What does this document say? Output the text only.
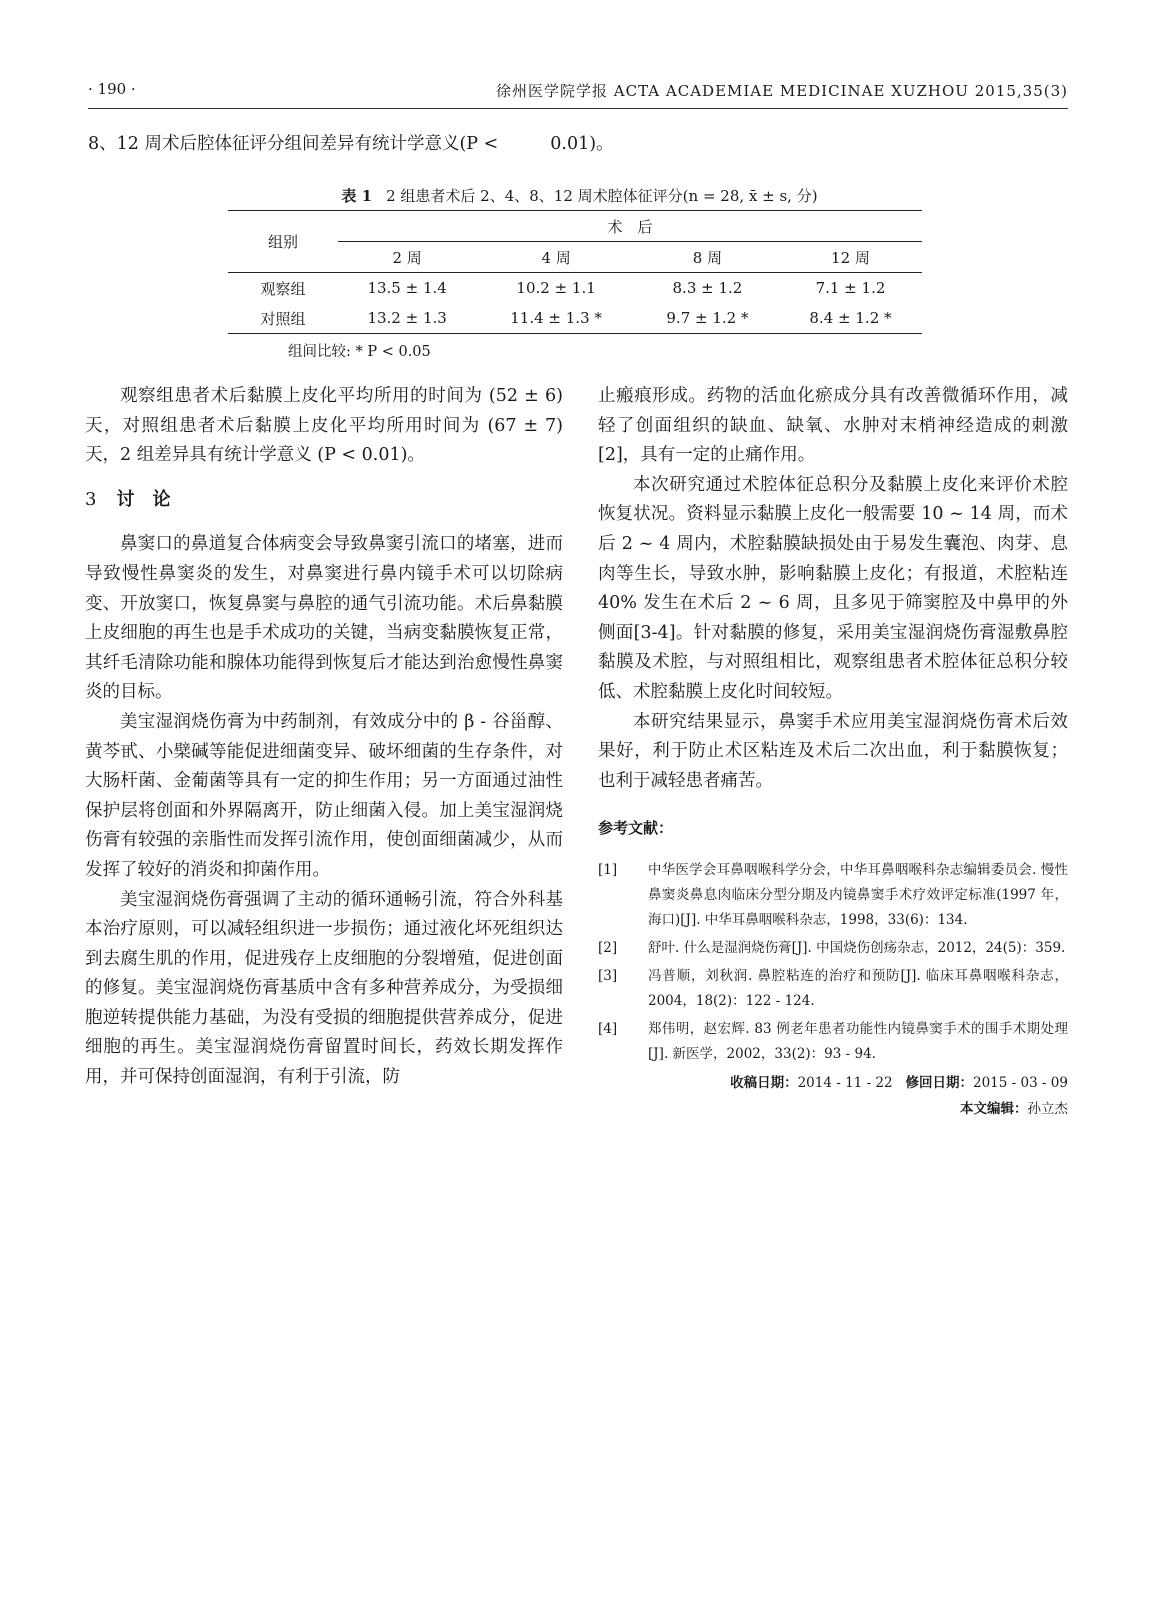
· 190 ·	徐州医学院学报 ACTA ACADEMIAE MEDICINAE XUZHOU 2015,35(3)
8、12 周术后腔体征评分组间差异有统计学意义(P <	0.01)。
表 1 2 组患者术后 2、4、8、12 周术腔体征评分(n = 28, x̄ ± s, 分)
组别	术　后			
	2 周	4 周	8 周	12 周
观察组	13.5 ± 1.4	10.2 ± 1.1	8.3 ± 1.2	7.1 ± 1.2
对照组	13.2 ± 1.3	11.4 ± 1.3 *	9.7 ± 1.2 *	8.4 ± 1.2 *
组间比较: * P < 0.05

观察组患者术后黏膜上皮化平均所用的时间为 (52 ± 6) 天，对照组患者术后黏膜上皮化平均所用时间为 (67 ± 7) 天，2 组差异具有统计学意义 (P < 0.01)。

3 讨　论

鼻窦口的鼻道复合体病变会导致鼻窦引流口的堵塞，进而导致慢性鼻窦炎的发生，对鼻窦进行鼻内镜手术可以切除病变、开放窦口，恢复鼻窦与鼻腔的通气引流功能。术后鼻黏膜上皮细胞的再生也是手术成功的关键，当病变黏膜恢复正常，其纤毛清除功能和腺体功能得到恢复后才能达到治愈慢性鼻窦炎的目标。

美宝湿润烧伤膏为中药制剂，有效成分中的 β - 谷甾醇、黄芩甙、小檗碱等能促进细菌变异、破坏细菌的生存条件，对大肠杆菌、金葡菌等具有一定的抑生作用；另一方面通过油性保护层将创面和外界隔离开，防止细菌入侵。加上美宝湿润烧伤膏有较强的亲脂性而发挥引流作用，使创面细菌减少，从而发挥了较好的消炎和抑菌作用。

美宝湿润烧伤膏强调了主动的循环通畅引流，符合外科基本治疗原则，可以减轻组织进一步损伤；通过液化坏死组织达到去腐生肌的作用，促进残存上皮细胞的分裂增殖，促进创面的修复。美宝湿润烧伤膏基质中含有多种营养成分，为受损细胞逆转提供能力基础，为没有受损的细胞提供营养成分，促进细胞的再生。美宝湿润烧伤膏留置时间长，药效长期发挥作用，并可保持创面湿润，有利于引流，防

止瘢痕形成。药物的活血化瘀成分具有改善微循环作用，减轻了创面组织的缺血、缺氧、水肿对末梢神经造成的刺激[2]，具有一定的止痛作用。

本次研究通过术腔体征总积分及黏膜上皮化来评价术腔恢复状况。资料显示黏膜上皮化一般需要 10 ~ 14 周，而术后 2 ~ 4 周内，术腔黏膜缺损处由于易发生囊泡、肉芽、息肉等生长，导致水肿，影响黏膜上皮化；有报道，术腔粘连 40% 发生在术后 2 ~ 6 周，且多见于筛窦腔及中鼻甲的外侧面[3-4]。针对黏膜的修复，采用美宝湿润烧伤膏湿敷鼻腔黏膜及术腔，与对照组相比，观察组患者术腔体征总积分较低、术腔黏膜上皮化时间较短。

本研究结果显示，鼻窦手术应用美宝湿润烧伤膏术后效果好，利于防止术区粘连及术后二次出血，利于黏膜恢复；也利于减轻患者痛苦。

参考文献：
[1] 中华医学会耳鼻咽喉科学分会，中华耳鼻咽喉科杂志编辑委员会. 慢性鼻窦炎鼻息肉临床分型分期及内镜鼻窦手术疗效评定标准(1997 年，海口)[J]. 中华耳鼻咽喉科杂志，1998，33(6)：134.
[2] 舒叶. 什么是湿润烧伤膏[J]. 中国烧伤创疡杂志，2012，24(5)：359.
[3] 冯普顺，刘秋润. 鼻腔粘连的治疗和预防[J]. 临床耳鼻咽喉科杂志，2004，18(2)：122 - 124.
[4] 郑伟明，赵宏辉. 83 例老年患者功能性内镜鼻窦手术的围手术期处理[J]. 新医学，2002，33(2)：93 - 94.
收稿日期：2014 - 11 - 22 修回日期：2015 - 03 - 09
本文编辑：孙立杰
